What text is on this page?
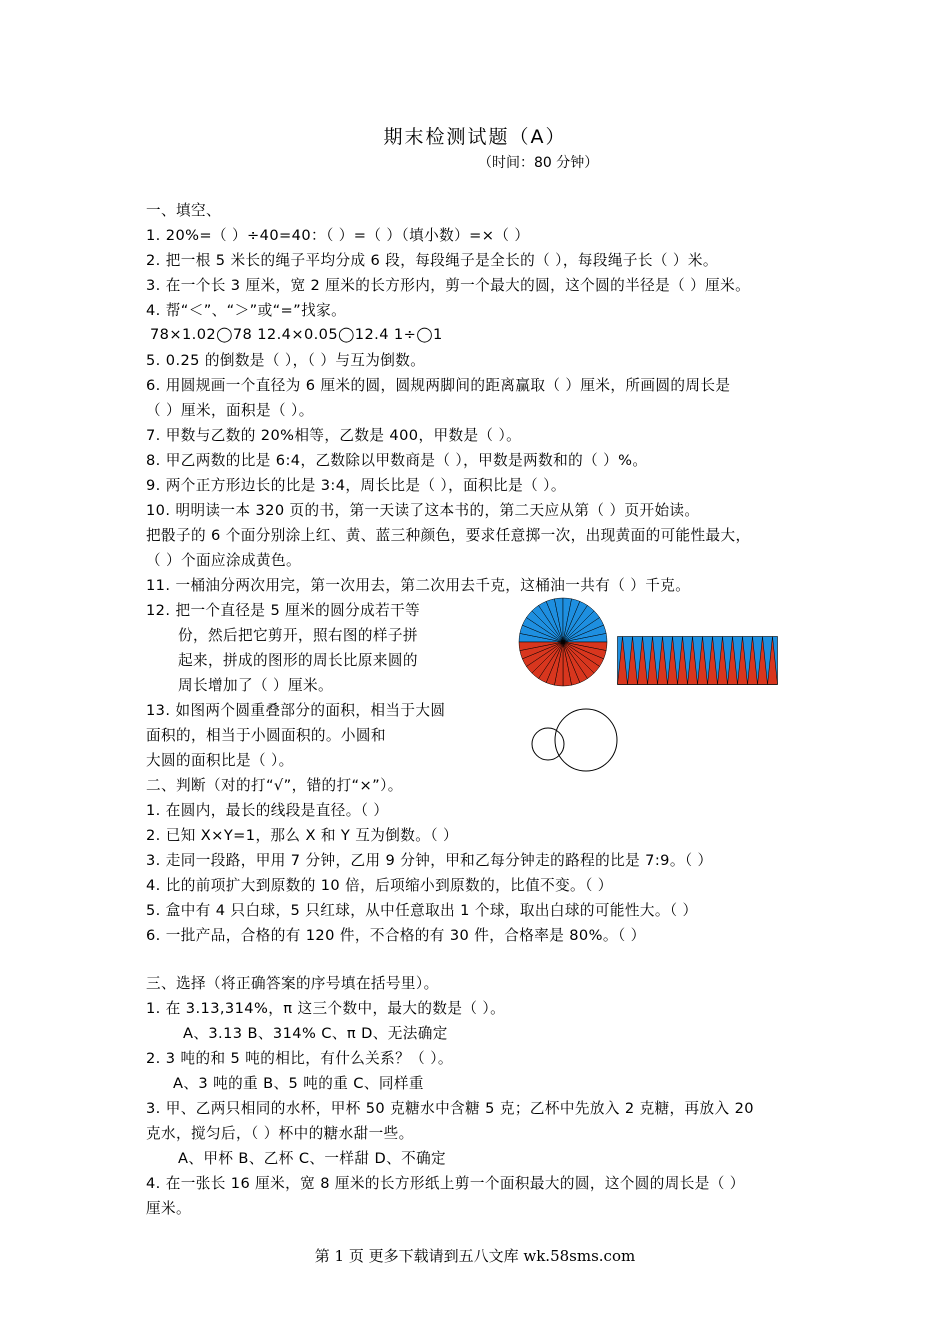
期末检测试题（A）
（时间：80 分钟）
一、填空、
1. 20%=（ ）÷40=40：（ ）=（ ）（填小数）=×（ ）
2. 把一根 5 米长的绳子平均分成 6 段，每段绳子是全长的（ ），每段绳子长（ ）米。
3. 在一个长 3 厘米，宽 2 厘米的长方形内，剪一个最大的圆，这个圆的半径是（ ）厘米。
4. 帮“＜”、“＞”或“=”找家。
78×1.02◯78 12.4×0.05◯12.4 1÷◯1
5. 0.25 的倒数是（ ），（ ）与互为倒数。
6. 用圆规画一个直径为 6 厘米的圆，圆规两脚间的距离赢取（ ）厘米，所画圆的周长是
（ ）厘米，面积是（ ）。
7. 甲数与乙数的 20%相等，乙数是 400，甲数是（ ）。
8. 甲乙两数的比是 6:4，乙数除以甲数商是（ ），甲数是两数和的（ ）%。
9. 两个正方形边长的比是 3:4，周长比是（ ），面积比是（ ）。
10. 明明读一本 320 页的书，第一天读了这本书的，第二天应从第（ ）页开始读。
把骰子的 6 个面分别涂上红、黄、蓝三种颜色，要求任意掷一次，出现黄面的可能性最大，
（ ）个面应涂成黄色。
11. 一桶油分两次用完，第一次用去，第二次用去千克，这桶油一共有（ ）千克。
12. 把一个直径是 5 厘米的圆分成若干等
份，然后把它剪开，照右图的样子拼
起来，拼成的图形的周长比原来圆的
周长增加了（ ）厘米。
13. 如图两个圆重叠部分的面积，相当于大圆
面积的，相当于小圆面积的。小圆和
大圆的面积比是（ ）。
二、判断（对的打“√”，错的打“×”）。
1. 在圆内，最长的线段是直径。（ ）
2. 已知 X×Y=1，那么 X 和 Y 互为倒数。（ ）
3. 走同一段路，甲用 7 分钟，乙用 9 分钟，甲和乙每分钟走的路程的比是 7:9。（ ）
4. 比的前项扩大到原数的 10 倍，后项缩小到原数的，比值不变。（ ）
5. 盒中有 4 只白球，5 只红球，从中任意取出 1 个球，取出白球的可能性大。（ ）
6. 一批产品，合格的有 120 件，不合格的有 30 件，合格率是 80%。（ ）
三、选择（将正确答案的序号填在括号里）。
1. 在 3.13,314%，π 这三个数中，最大的数是（ ）。
A、3.13 B、314% C、π D、无法确定
2. 3 吨的和 5 吨的相比，有什么关系？（ ）。
A、3 吨的重 B、5 吨的重 C、同样重
3. 甲、乙两只相同的水杯，甲杯 50 克糖水中含糖 5 克；乙杯中先放入 2 克糖，再放入 20
克水，搅匀后，（ ）杯中的糖水甜一些。
A、甲杯 B、乙杯 C、一样甜 D、不确定
4. 在一张长 16 厘米，宽 8 厘米的长方形纸上剪一个面积最大的圆，这个圆的周长是（ ）
厘米。
第 1 页 更多下载请到五八文库 wk.58sms.com
